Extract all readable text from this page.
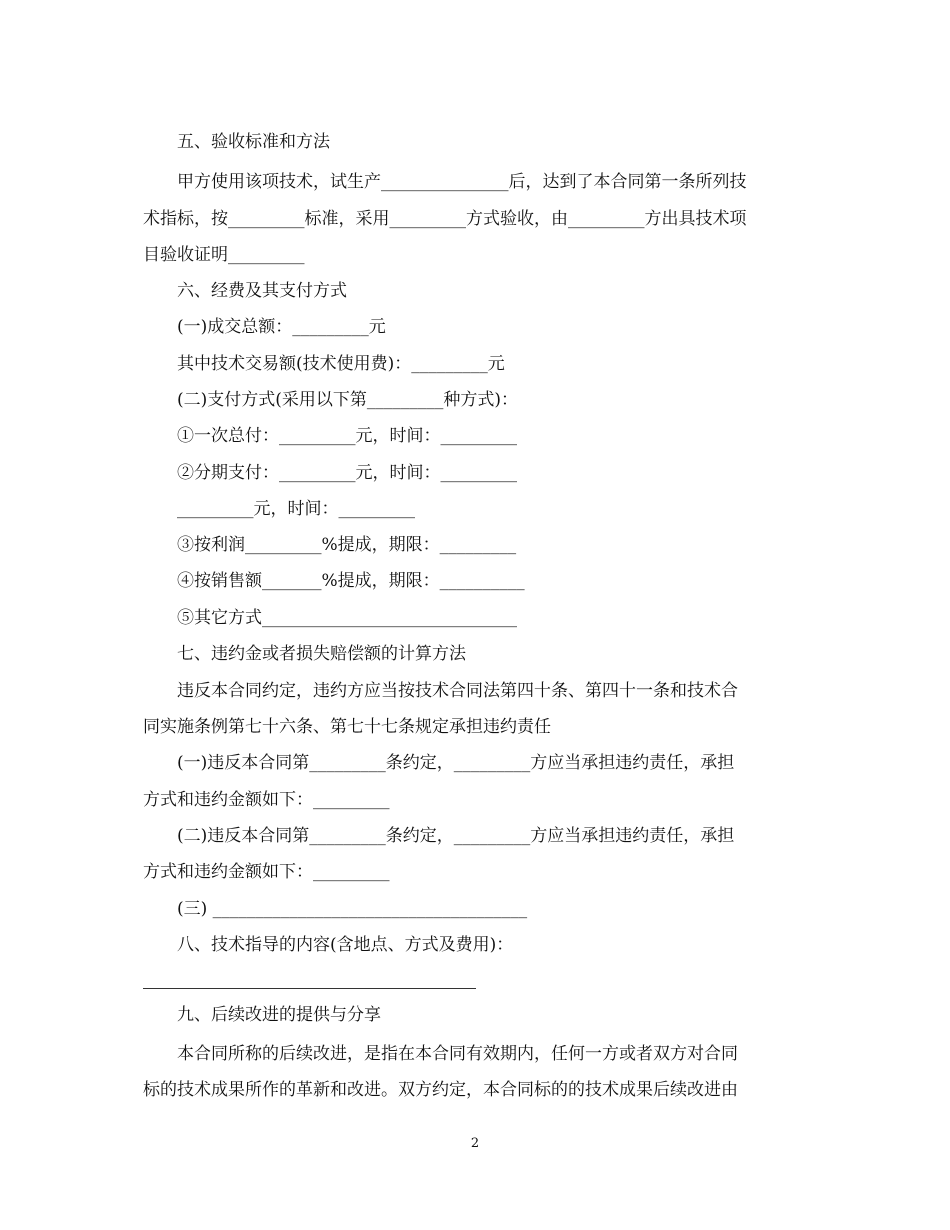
五、验收标准和方法
甲方使用该项技术，试生产_______________后，达到了本合同第一条所列技
术指标，按_________标准，采用_________方式验收，由_________方出具技术项
目验收证明_________
六、经费及其支付方式
(一)成交总额：_________元
其中技术交易额(技术使用费)：_________元
(二)支付方式(采用以下第_________种方式)：
①一次总付：_________元，时间：_________
②分期支付：_________元，时间：_________
_________元，时间：_________
③按利润_________%提成，期限：_________
④按销售额_______%提成，期限：__________
⑤其它方式______________________________
七、违约金或者损失赔偿额的计算方法
违反本合同约定，违约方应当按技术合同法第四十条、第四十一条和技术合
同实施条例第七十六条、第七十七条规定承担违约责任
(一)违反本合同第_________条约定，_________方应当承担违约责任，承担
方式和违约金额如下：_________
(二)违反本合同第_________条约定，_________方应当承担违约责任，承担
方式和违约金额如下：_________
(三) _____________________________________
八、技术指导的内容(含地点、方式及费用)：
九、后续改进的提供与分享
本合同所称的后续改进，是指在本合同有效期内，任何一方或者双方对合同
标的技术成果所作的革新和改进。双方约定，本合同标的的技术成果后续改进由
2
